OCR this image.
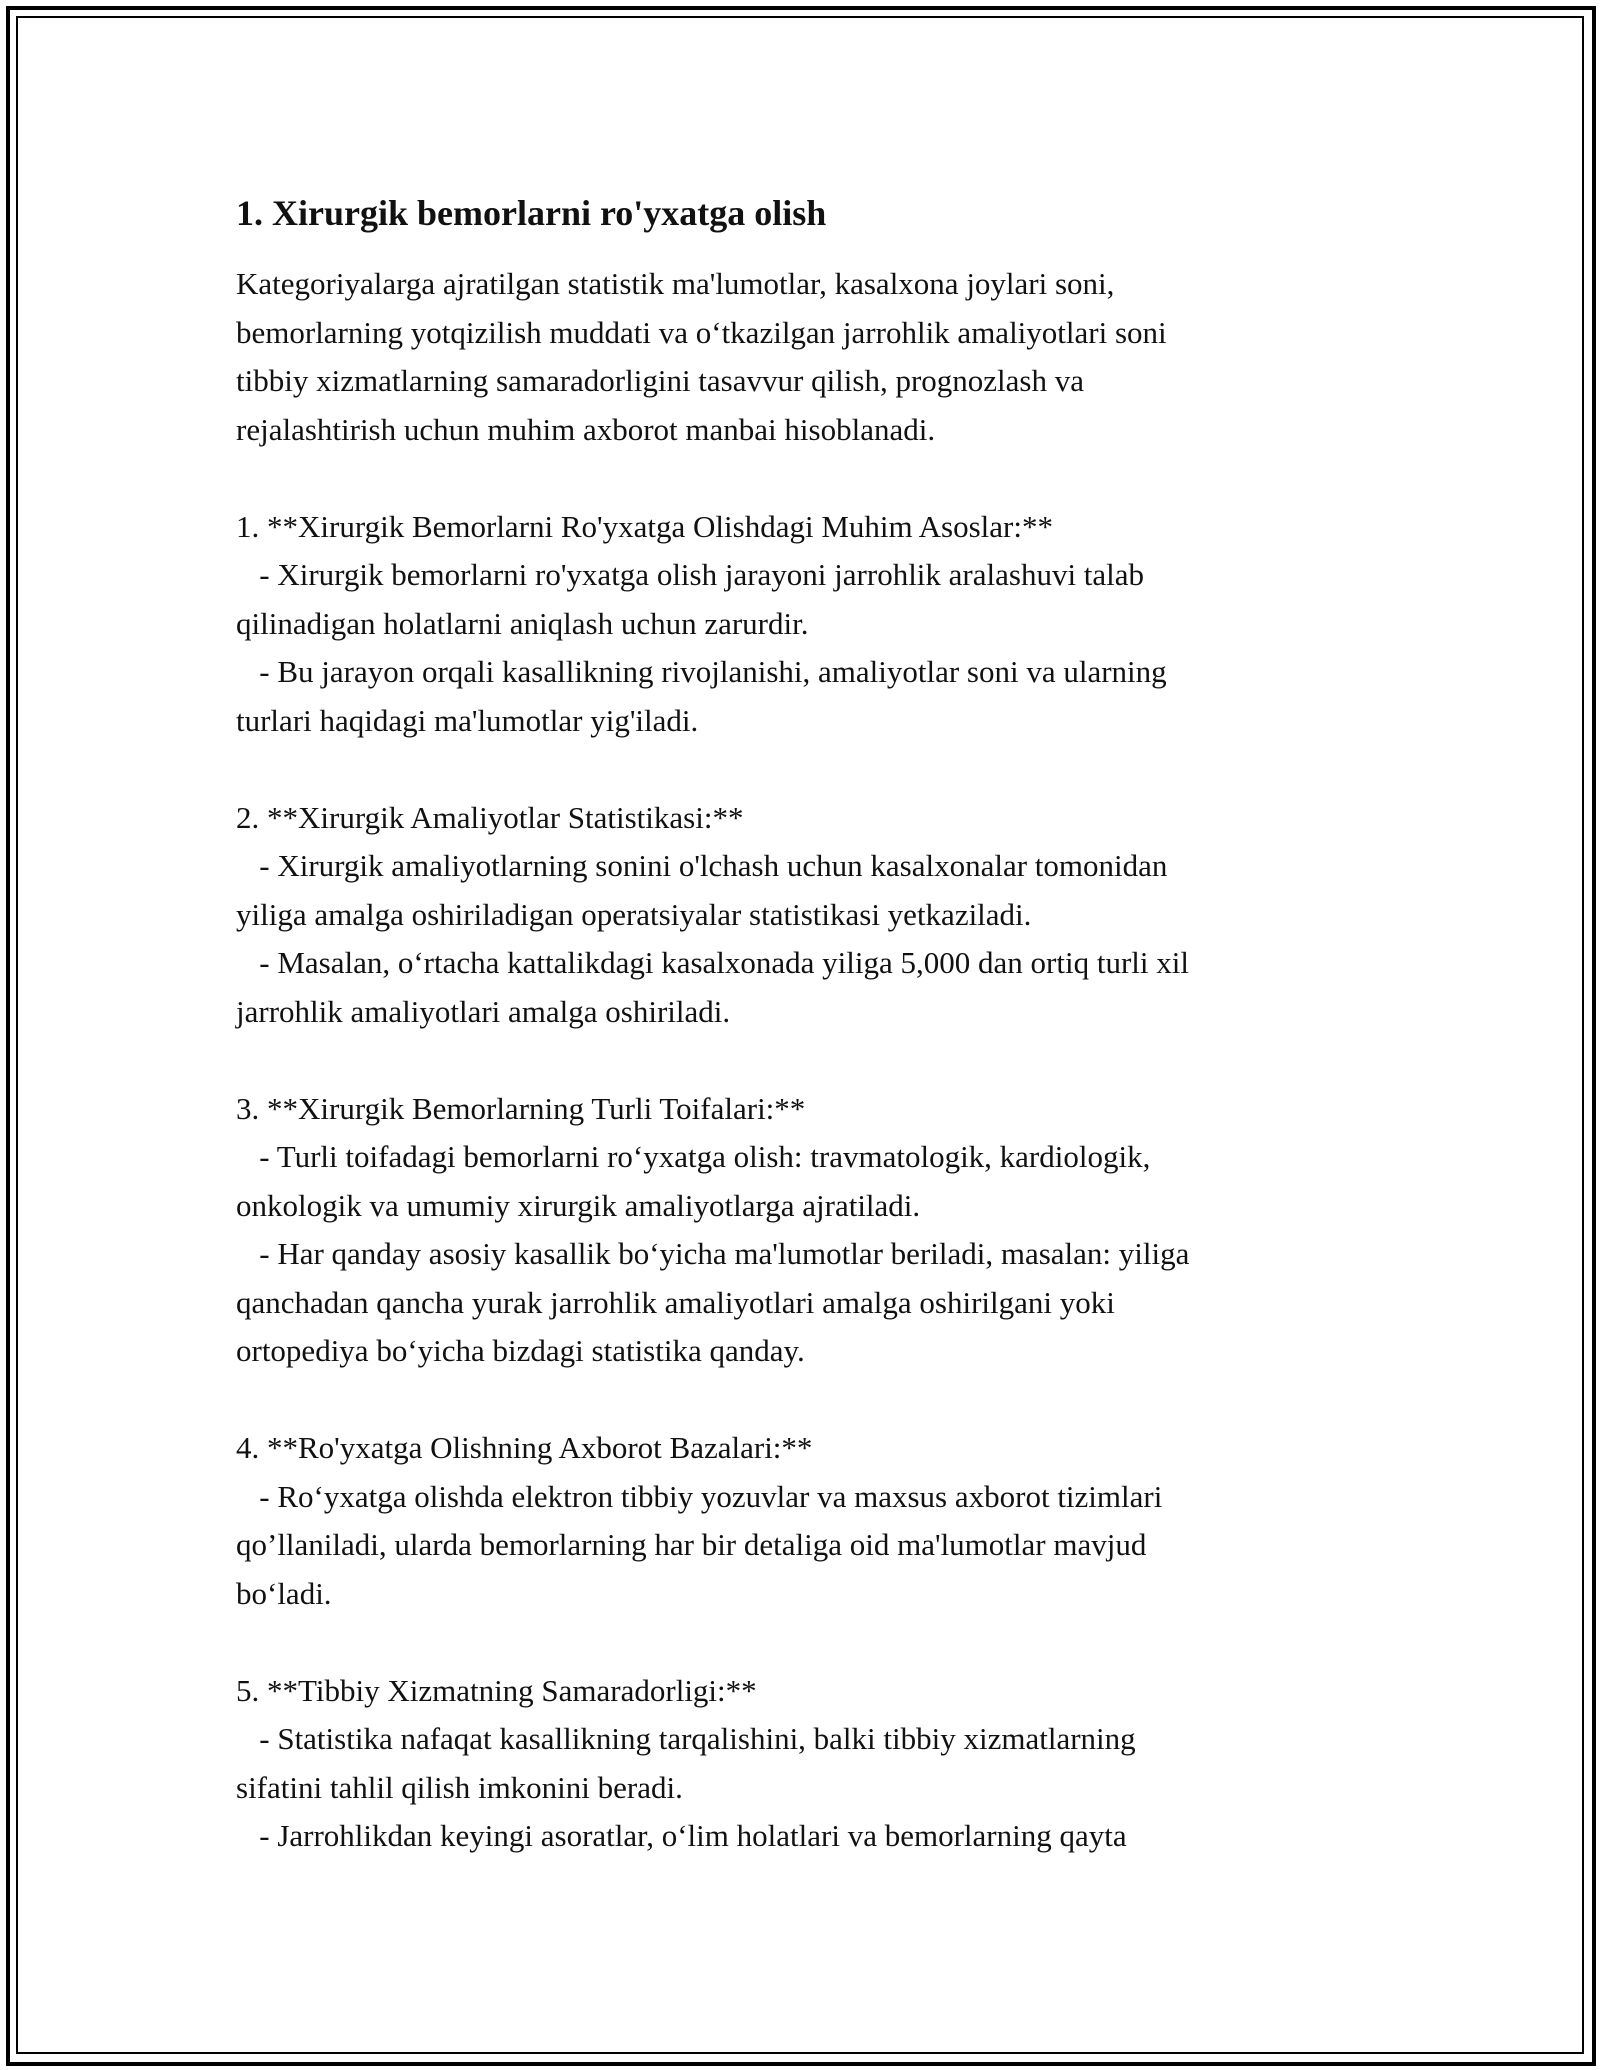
1. Xirurgik bemorlarni ro'yxatga olish

Kategoriyalarga ajratilgan statistik ma'lumotlar, kasalxona joylari soni,
bemorlarning yotqizilish muddati va o‘tkazilgan jarrohlik amaliyotlari soni
tibbiy xizmatlarning samaradorligini tasavvur qilish, prognozlash va
rejalashtirish uchun muhim axborot manbai hisoblanadi.

1. **Xirurgik Bemorlarni Ro'yxatga Olishdagi Muhim Asoslar:**

- Xirurgik bemorlarni ro'yxatga olish jarayoni jarrohlik aralashuvi talab
qilinadigan holatlarni aniqlash uchun zarurdir.
- Bu jarayon orqali kasallikning rivojlanishi, amaliyotlar soni va ularning
turlari haqidagi ma'lumotlar yig'iladi.

2. **Xirurgik Amaliyotlar Statistikasi:**

- Xirurgik amaliyotlarning sonini o'lchash uchun kasalxonalar tomonidan
yiliga amalga oshiriladigan operatsiyalar statistikasi yetkaziladi.
- Masalan, o‘rtacha kattalikdagi kasalxonada yiliga 5,000 dan ortiq turli xil
jarrohlik amaliyotlari amalga oshiriladi.

3. **Xirurgik Bemorlarning Turli Toifalari:**

- Turli toifadagi bemorlarni ro‘yxatga olish: travmatologik, kardiologik,
onkologik va umumiy xirurgik amaliyotlarga ajratiladi.
- Har qanday asosiy kasallik bo‘yicha ma'lumotlar beriladi, masalan: yiliga
qanchadan qancha yurak jarrohlik amaliyotlari amalga oshirilgani yoki
ortopediya bo‘yicha bizdagi statistika qanday.

4. **Ro'yxatga Olishning Axborot Bazalari:**

- Ro‘yxatga olishda elektron tibbiy yozuvlar va maxsus axborot tizimlari
qo’llaniladi, ularda bemorlarning har bir detaliga oid ma'lumotlar mavjud
bo‘ladi.

5. **Tibbiy Xizmatning Samaradorligi:**

- Statistika nafaqat kasallikning tarqalishini, balki tibbiy xizmatlarning
sifatini tahlil qilish imkonini beradi.
- Jarrohlikdan keyingi asoratlar, o‘lim holatlari va bemorlarning qayta
